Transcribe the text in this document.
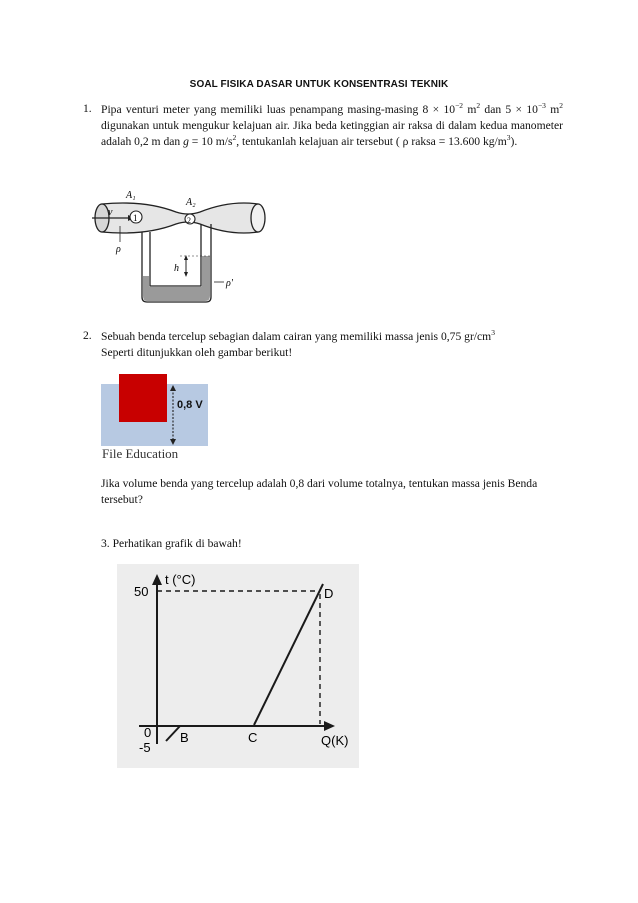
SOAL FISIKA DASAR UNTUK KONSENTRASI TEKNIK
1. Pipa venturi meter yang memiliki luas penampang masing-masing $8 \times 10^{-2}$ $m^2$ dan $5 \times 10^{-3}$ $m^2$ digunakan untuk mengukur kelajuan air. Jika beda ketinggian air raksa di dalam kedua manometer adalah 0,2 m dan g = 10 $m/s^2$, tentukanlah kelajuan air tersebut ( ρ raksa = 13.600 $kg/m^3$).
A₁
A₂
v 1	2
ρ
h
ρ'
2. Sebuah benda tercelup sebagian dalam cairan yang memiliki massa jenis 0,75 $gr/cm^3$
Seperti ditunjukkan oleh gambar berikut!
0,8 V
File Education
Jika volume benda yang tercelup adalah 0,8 dari volume totalnya, tentukan massa jenis Benda tersebut?
3. Perhatikan grafik di bawah!
t (°C)
50
0
-5
B	C
D
Q(K)
